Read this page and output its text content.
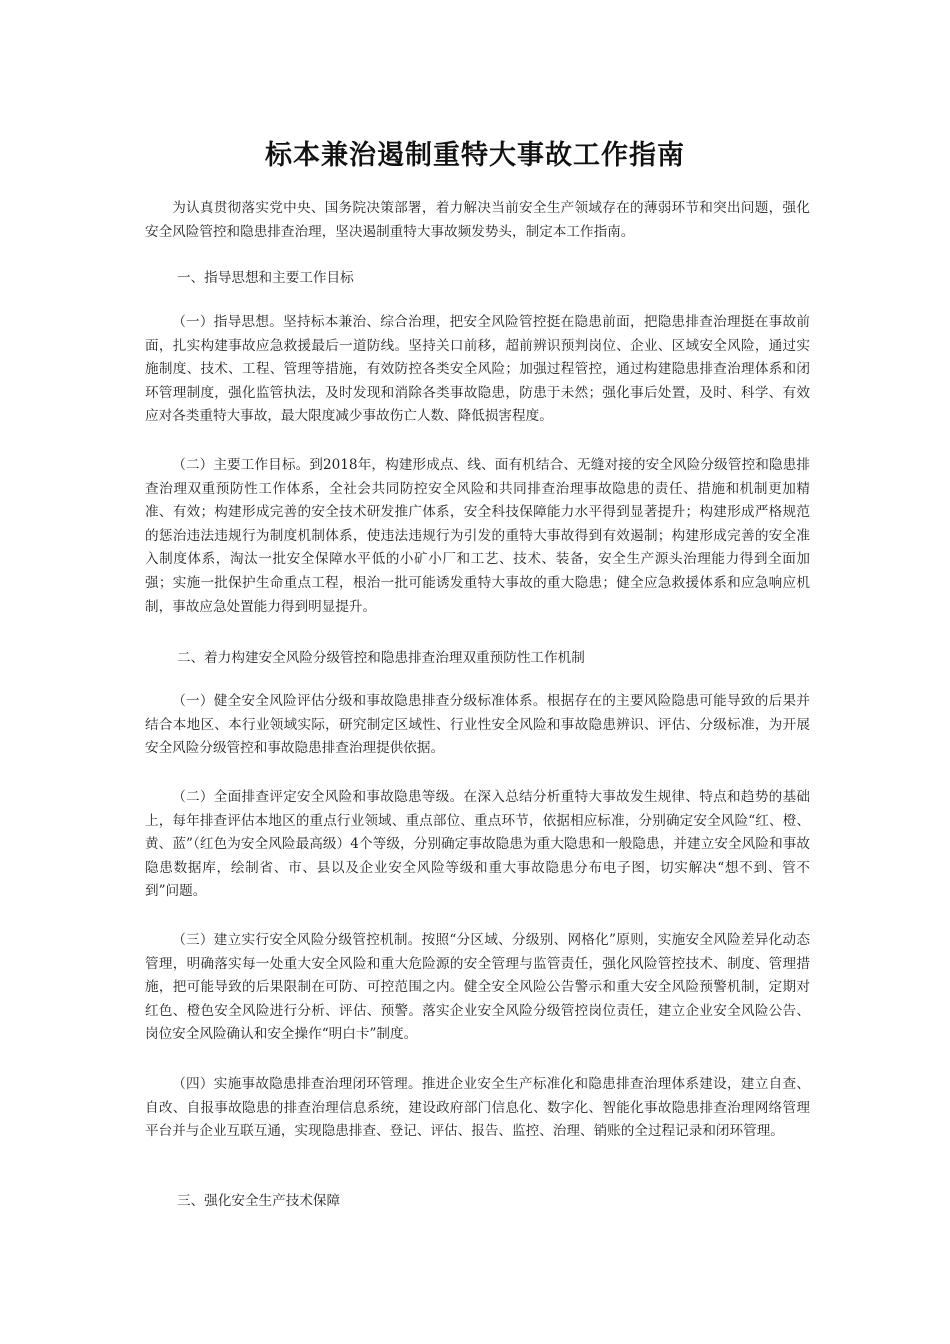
标本兼治遏制重特大事故工作指南

为认真贯彻落实党中央、国务院决策部署，着力解决当前安全生产领域存在的薄弱环节和突出问题，强化安全风险管控和隐患排查治理，坚决遏制重特大事故频发势头，制定本工作指南。

一、指导思想和主要工作目标

（一）指导思想。坚持标本兼治、综合治理，把安全风险管控挺在隐患前面，把隐患排查治理挺在事故前面，扎实构建事故应急救援最后一道防线。坚持关口前移，超前辨识预判岗位、企业、区域安全风险，通过实施制度、技术、工程、管理等措施，有效防控各类安全风险；加强过程管控，通过构建隐患排查治理体系和闭环管理制度，强化监管执法，及时发现和消除各类事故隐患，防患于未然；强化事后处置，及时、科学、有效应对各类重特大事故，最大限度减少事故伤亡人数、降低损害程度。

（二）主要工作目标。到2018年，构建形成点、线、面有机结合、无缝对接的安全风险分级管控和隐患排查治理双重预防性工作体系，全社会共同防控安全风险和共同排查治理事故隐患的责任、措施和机制更加精准、有效；构建形成完善的安全技术研发推广体系，安全科技保障能力水平得到显著提升；构建形成严格规范的惩治违法违规行为制度机制体系，使违法违规行为引发的重特大事故得到有效遏制；构建形成完善的安全准入制度体系，淘汰一批安全保障水平低的小矿小厂和工艺、技术、装备，安全生产源头治理能力得到全面加强；实施一批保护生命重点工程，根治一批可能诱发重特大事故的重大隐患；健全应急救援体系和应急响应机制，事故应急处置能力得到明显提升。

二、着力构建安全风险分级管控和隐患排查治理双重预防性工作机制

（一）健全安全风险评估分级和事故隐患排查分级标准体系。根据存在的主要风险隐患可能导致的后果并结合本地区、本行业领域实际，研究制定区域性、行业性安全风险和事故隐患辨识、评估、分级标准，为开展安全风险分级管控和事故隐患排查治理提供依据。

（二）全面排查评定安全风险和事故隐患等级。在深入总结分析重特大事故发生规律、特点和趋势的基础上，每年排查评估本地区的重点行业领域、重点部位、重点环节，依据相应标准，分别确定安全风险“红、橙、黄、蓝”（红色为安全风险最高级）4个等级，分别确定事故隐患为重大隐患和一般隐患，并建立安全风险和事故隐患数据库，绘制省、市、县以及企业安全风险等级和重大事故隐患分布电子图，切实解决“想不到、管不到”问题。

（三）建立实行安全风险分级管控机制。按照“分区域、分级别、网格化”原则，实施安全风险差异化动态管理，明确落实每一处重大安全风险和重大危险源的安全管理与监管责任，强化风险管控技术、制度、管理措施，把可能导致的后果限制在可防、可控范围之内。健全安全风险公告警示和重大安全风险预警机制，定期对红色、橙色安全风险进行分析、评估、预警。落实企业安全风险分级管控岗位责任，建立企业安全风险公告、岗位安全风险确认和安全操作“明白卡”制度。

（四）实施事故隐患排查治理闭环管理。推进企业安全生产标准化和隐患排查治理体系建设，建立自查、自改、自报事故隐患的排查治理信息系统，建设政府部门信息化、数字化、智能化事故隐患排查治理网络管理平台并与企业互联互通，实现隐患排查、登记、评估、报告、监控、治理、销账的全过程记录和闭环管理。

三、强化安全生产技术保障
